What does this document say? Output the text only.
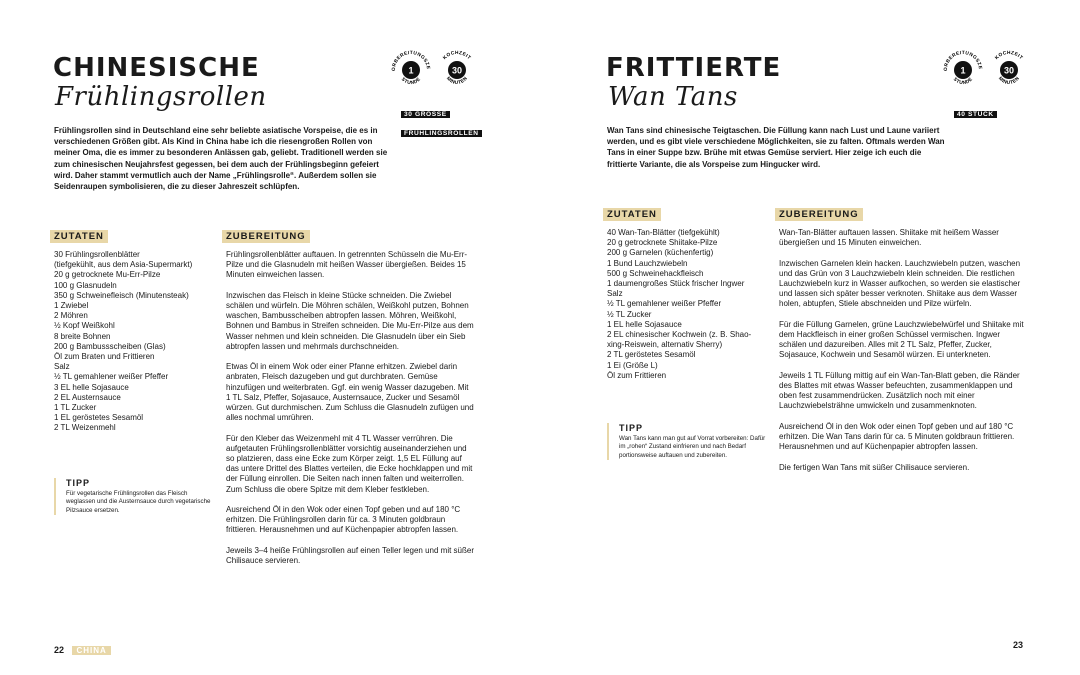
CHINESISCHE
Frühlingsrollen
ORBEREITUNGSZE
1
STUNDE
KOCHZEIT
30
MINUTEN
30 GROSSE
FRÜHLINGSROLLEN
Frühlingsrollen sind in Deutschland eine sehr beliebte asiatische Vorspeise, die es in verschiedenen Größen gibt. Als Kind in China habe ich die riesengroßen Rollen von meiner Oma, die es immer zu besonderen Anlässen gab, geliebt. Traditionell werden sie zum chinesischen Neujahrsfest gegessen, bei dem auch der Frühlingsbeginn gefeiert wird. Daher stammt vermutlich auch der Name „Frühlingsrolle“. Außerdem sollen sie Seidenraupen symbolisieren, die zu dieser Jahreszeit schlüpfen.
ZUTATEN
30 Frühlingsrollenblätter
(tiefgekühlt, aus dem Asia-Supermarkt)
20 g getrocknete Mu-Err-Pilze
100 g Glasnudeln
350 g Schweinefleisch (Minutensteak)
1 Zwiebel
2 Möhren
½ Kopf Weißkohl
8 breite Bohnen
200 g Bambussscheiben (Glas)
Öl zum Braten und Frittieren
Salz
½ TL gemahlener weißer Pfeffer
3 EL helle Sojasauce
2 EL Austernsauce
1 TL Zucker
1 EL geröstetes Sesamöl
2 TL Weizenmehl
TIPP
Für vegetarische Frühlingsrollen das Fleisch weglassen und die Austernsauce durch vegetarische Pilzsauce ersetzen.
ZUBEREITUNG

Frühlingsrollenblätter auftauen. In getrennten Schüsseln die Mu-Err-Pilze und die Glasnudeln mit heißen Wasser übergießen. Beides 15 Minuten einweichen lassen.

Inzwischen das Fleisch in kleine Stücke schneiden. Die Zwiebel schälen und würfeln. Die Möhren schälen, Weißkohl putzen, Bohnen waschen, Bambusscheiben abtropfen lassen. Möhren, Weißkohl, Bohnen und Bambus in Streifen schneiden. Die Mu-Err-Pilze aus dem Wasser nehmen und klein schneiden. Die Glasnudeln über ein Sieb abtropfen lassen und mehrmals durchschneiden.

Etwas Öl in einem Wok oder einer Pfanne erhitzen. Zwiebel darin anbraten, Fleisch dazugeben und gut durchbraten. Gemüse hinzufügen und weiterbraten. Ggf. ein wenig Wasser dazugeben. Mit 1 TL Salz, Pfeffer, Sojasauce, Austernsauce, Zucker und Sesamöl würzen. Gut durchmischen. Zum Schluss die Glasnudeln zufügen und alles nochmal umrühren.

Für den Kleber das Weizenmehl mit 4 TL Wasser verrühren. Die aufgetauten Frühlingsrollenblätter vorsichtig auseinanderziehen und so platzieren, dass eine Ecke zum Körper zeigt. 1,5 EL Füllung auf das untere Drittel des Blattes verteilen, die Ecke hochklappen und mit der Füllung einrollen. Die Seiten nach innen falten und weiterrollen. Zum Schluss die obere Spitze mit dem Kleber festkleben.

Ausreichend Öl in den Wok oder einen Topf geben und auf 180 °C erhitzen. Die Frühlingsrollen darin für ca. 3 Minuten goldbraun frittieren. Herausnehmen und auf Küchenpapier abtropfen lassen.

Jeweils 3–4 heiße Frühlingsrollen auf einen Teller legen und mit süßer Chilisauce servieren.

22 CHINA
FRITTIERTE
Wan Tans
ORBEREITUNGSZE
1
STUNDE
KOCHZEIT
30
MINUTEN
40 STÜCK
Wan Tans sind chinesische Teigtaschen. Die Füllung kann nach Lust und Laune variiert werden, und es gibt viele verschiedene Möglichkeiten, sie zu falten. Oftmals werden Wan Tans in einer Suppe bzw. Brühe mit etwas Gemüse serviert. Hier zeige ich euch die frittierte Variante, die als Vorspeise zum Hingucker wird.
ZUTATEN
40 Wan-Tan-Blätter (tiefgekühlt)
20 g getrocknete Shiitake-Pilze
200 g Garnelen (küchenfertig)
1 Bund Lauchzwiebeln
500 g Schweinehackfleisch
1 daumengroßes Stück frischer Ingwer
Salz
½ TL gemahlener weißer Pfeffer
½ TL Zucker
1 EL helle Sojasauce
2 EL chinesischer Kochwein (z. B. Shao-
xing-Reiswein, alternativ Sherry)
2 TL geröstetes Sesamöl
1 Ei (Größe L)
Öl zum Frittieren
TIPP
Wan Tans kann man gut auf Vorrat vorbereiten: Dafür im „rohen“ Zustand einfrieren und nach Bedarf portionsweise auftauen und zubereiten.
ZUBEREITUNG

Wan-Tan-Blätter auftauen lassen. Shiitake mit heißem Wasser übergießen und 15 Minuten einweichen.

Inzwischen Garnelen klein hacken. Lauchzwiebeln putzen, waschen und das Grün von 3 Lauchzwiebeln klein schneiden. Die restlichen Lauchzwiebeln kurz in Wasser aufkochen, so werden sie elastischer und lassen sich später besser verknoten. Shiitake aus dem Wasser holen, abtupfen, Stiele abschneiden und Pilze würfeln.

Für die Füllung Garnelen, grüne Lauchzwiebelwürfel und Shiitake mit dem Hackfleisch in einer großen Schüssel vermischen. Ingwer schälen und dazureiben. Alles mit 2 TL Salz, Pfeffer, Zucker, Sojasauce, Kochwein und Sesamöl würzen. Ei unterkneten.

Jeweils 1 TL Füllung mittig auf ein Wan-Tan-Blatt geben, die Ränder des Blattes mit etwas Wasser befeuchten, zusammenklappen und oben fest zusammendrücken. Zusätzlich noch mit einer Lauchzwiebelsträhne umwickeln und zusammenknoten.

Ausreichend Öl in den Wok oder einen Topf geben und auf 180 °C erhitzen. Die Wan Tans darin für ca. 5 Minuten goldbraun frittieren. Herausnehmen und auf Küchenpapier abtropfen lassen.

Die fertigen Wan Tans mit süßer Chilisauce servieren.

23
